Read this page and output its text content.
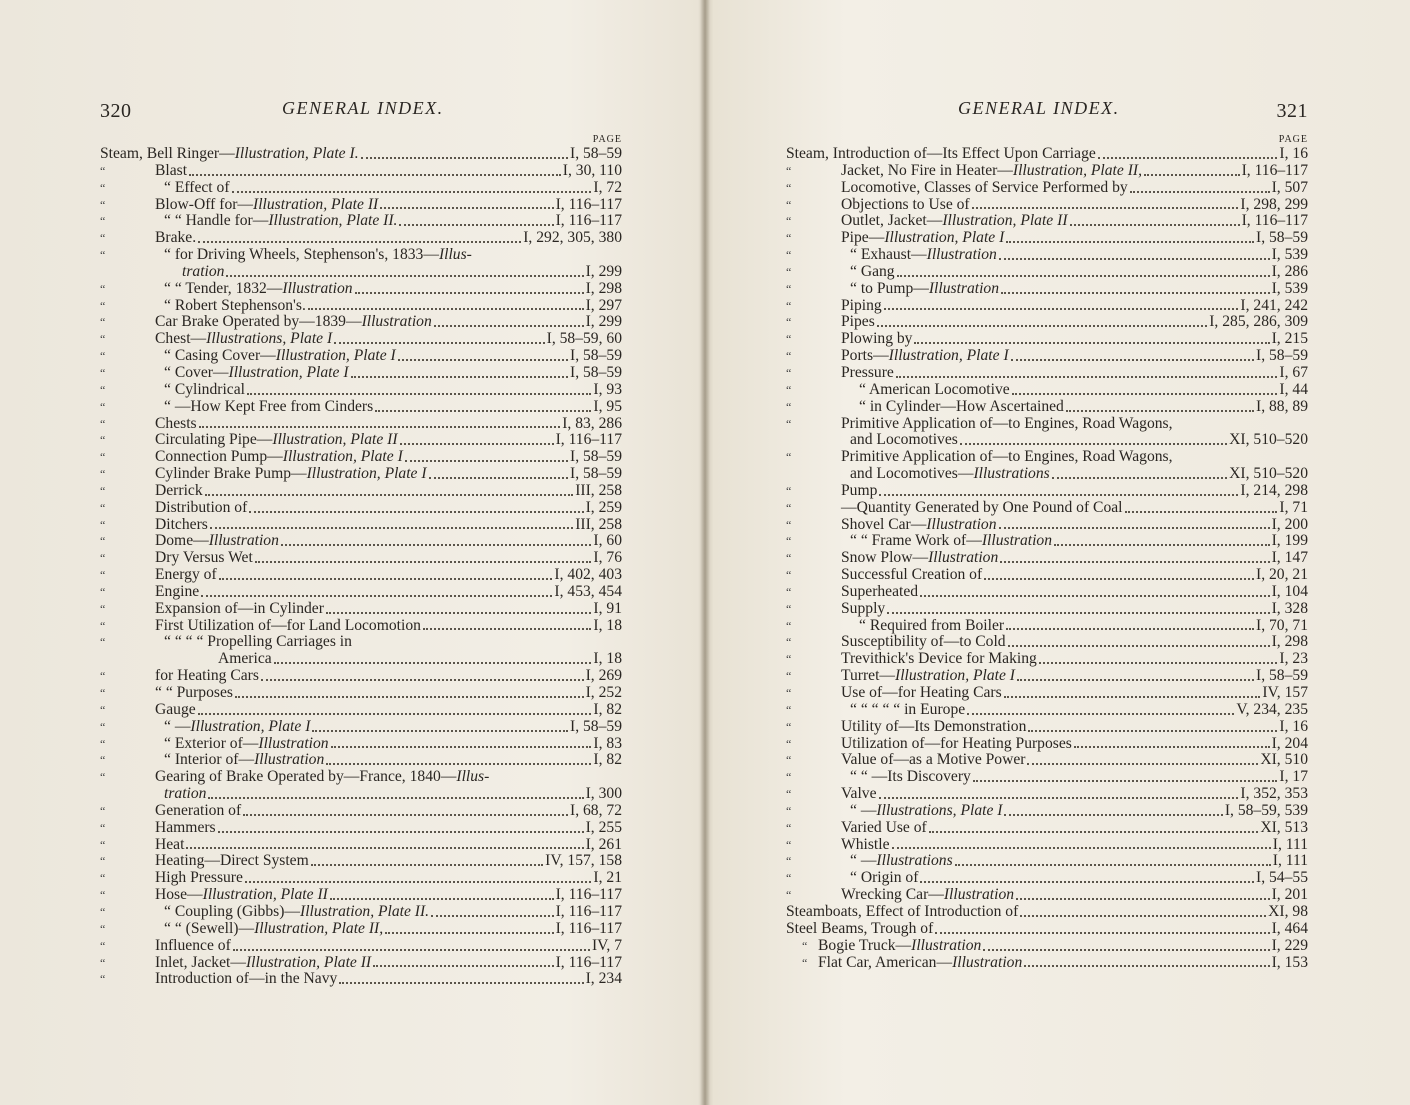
320	GENERAL INDEX.
PAGE
Steam, Bell Ringer—Illustration, Plate I.	I, 58–59
“	Blast	I, 30, 110
“	“ Effect of	I, 72
“	Blow-Off for—Illustration, Plate II	I, 116–117
“	“ “ Handle for—Illustration, Plate II.	I, 116–117
“	Brake.	I, 292, 305, 380
“	“ for Driving Wheels, Stephenson's, 1833—Illus-
tration	I, 299
“	“ “ Tender, 1832—Illustration	I, 298
“	“ Robert Stephenson's.	I, 297
“	Car Brake Operated by—1839—Illustration	I, 299
“	Chest—Illustrations, Plate I	I, 58–59, 60
“	“ Casing Cover—Illustration, Plate I	I, 58–59
“	“ Cover—Illustration, Plate I	I, 58–59
“	“ Cylindrical	I, 93
“	“ —How Kept Free from Cinders	I, 95
“	Chests	I, 83, 286
“	Circulating Pipe—Illustration, Plate II	I, 116–117
“	Connection Pump—Illustration, Plate I	I, 58–59
“	Cylinder Brake Pump—Illustration, Plate I	I, 58–59
“	Derrick	III, 258
“	Distribution of	I, 259
“	Ditchers	III, 258
“	Dome—Illustration	I, 60
“	Dry Versus Wet	I, 76
“	Energy of	I, 402, 403
“	Engine	I, 453, 454
“	Expansion of—in Cylinder	I, 91
“	First Utilization of—for Land Locomotion	I, 18
“	“ “ “ “ Propelling Carriages in
America	I, 18
“	for Heating Cars	I, 269
“	“ “ Purposes	I, 252
“	Gauge	I, 82
“	“ —Illustration, Plate I	I, 58–59
“	“ Exterior of—Illustration	I, 83
“	“ Interior of—Illustration	I, 82
“	Gearing of Brake Operated by—France, 1840—Illus-
tration	I, 300
“	Generation of	I, 68, 72
“	Hammers	I, 255
“	Heat	I, 261
“	Heating—Direct System	IV, 157, 158
“	High Pressure	I, 21
“	Hose—Illustration, Plate II	I, 116–117
“	“ Coupling (Gibbs)—Illustration, Plate II.	I, 116–117
“	“ “ (Sewell)—Illustration, Plate II,	I, 116–117
“	Influence of	IV, 7
“	Inlet, Jacket—Illustration, Plate II	I, 116–117
“	Introduction of—in the Navy	I, 234
GENERAL INDEX.	321
PAGE
Steam, Introduction of—Its Effect Upon Carriage	I, 16
“	Jacket, No Fire in Heater—Illustration, Plate II,	I, 116–117
“	Locomotive, Classes of Service Performed by	I, 507
“	Objections to Use of	I, 298, 299
“	Outlet, Jacket—Illustration, Plate II	I, 116–117
“	Pipe—Illustration, Plate I	I, 58–59
“	“ Exhaust—Illustration	I, 539
“	“ Gang	I, 286
“	“ to Pump—Illustration	I, 539
“	Piping	I, 241, 242
“	Pipes	I, 285, 286, 309
“	Plowing by	I, 215
“	Ports—Illustration, Plate I	I, 58–59
“	Pressure	I, 67
“	“ American Locomotive	I, 44
“	“ in Cylinder—How Ascertained	I, 88, 89
“	Primitive Application of—to Engines, Road Wagons,
and Locomotives	XI, 510–520
“	Primitive Application of—to Engines, Road Wagons,
and Locomotives—Illustrations	XI, 510–520
“	Pump	I, 214, 298
“	—Quantity Generated by One Pound of Coal	I, 71
“	Shovel Car—Illustration	I, 200
“	“ “ Frame Work of—Illustration	I, 199
“	Snow Plow—Illustration	I, 147
“	Successful Creation of	I, 20, 21
“	Superheated	I, 104
“	Supply	I, 328
“	“ Required from Boiler	I, 70, 71
“	Susceptibility of—to Cold	I, 298
“	Trevithick's Device for Making	I, 23
“	Turret—Illustration, Plate I	I, 58–59
“	Use of—for Heating Cars	IV, 157
“	“ “ “ “ “ in Europe	V, 234, 235
“	Utility of—Its Demonstration	I, 16
“	Utilization of—for Heating Purposes	I, 204
“	Value of—as a Motive Power	XI, 510
“	“ “ —Its Discovery	I, 17
“	Valve	I, 352, 353
“	“ —Illustrations, Plate I	I, 58–59, 539
“	Varied Use of	XI, 513
“	Whistle	I, 111
“	“ —Illustrations	I, 111
“	“ Origin of	I, 54–55
“	Wrecking Car—Illustration	I, 201
Steamboats, Effect of Introduction of	XI, 98
Steel Beams, Trough of	I, 464
“ Bogie Truck—Illustration	I, 229
“ Flat Car, American—Illustration	I, 153
